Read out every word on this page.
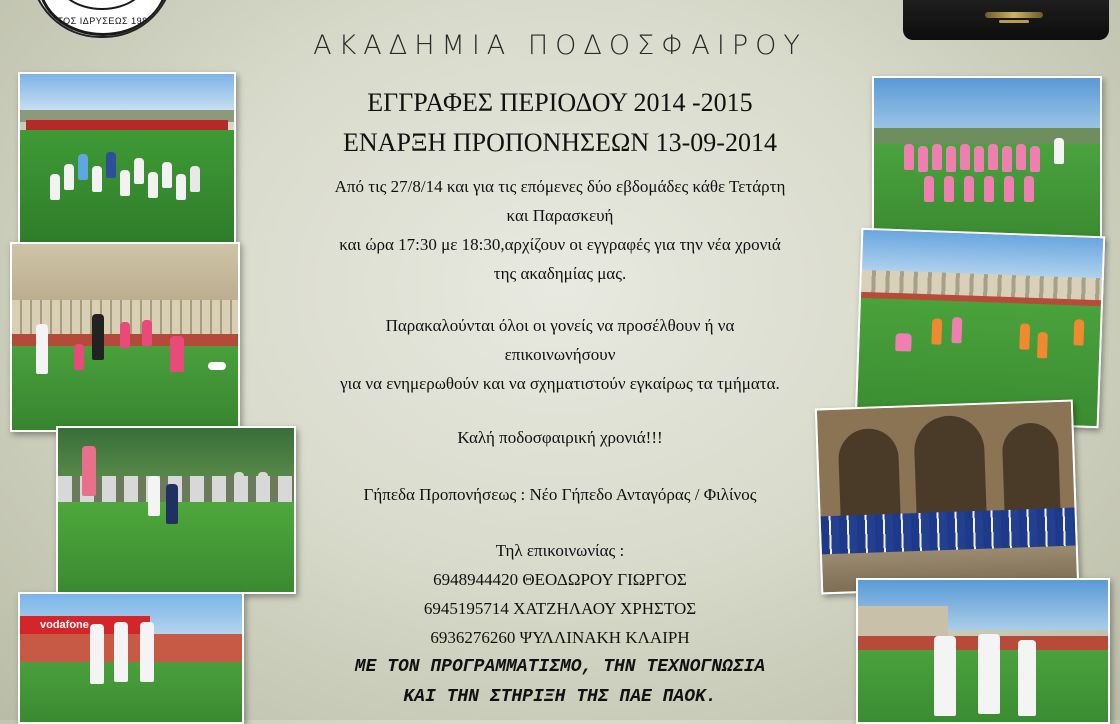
ΕΤΟΣ ΙΔΡΥΣΕΩΣ 1987
ΑΚΑΔΗΜΙΑ ΠΟΔΟΣΦΑΙΡΟΥ
ΕΓΓΡΑΦΕΣ ΠΕΡΙΟΔΟΥ 2014 -2015
ΕΝΑΡΞΗ ΠΡΟΠΟΝΗΣΕΩΝ 13-09-2014
Από τις 27/8/14 και για τις επόμενες δύο εβδομάδες κάθε Τετάρτη
και Παρασκευή
και ώρα 17:30 με 18:30,αρχίζουν οι εγγραφές για την νέα χρονιά
της ακαδημίας μας.
Παρακαλούνται όλοι οι γονείς να προσέλθουν ή να
επικοινωνήσουν
για να ενημερωθούν και να σχηματιστούν εγκαίρως τα τμήματα.
Καλή ποδοσφαιρική χρονιά!!!
Γήπεδα Προπονήσεως : Νέο Γήπεδο Ανταγόρας / Φιλίνος
Τηλ επικοινωνίας :
6948944420 ΘΕΟΔΩΡΟΥ ΓΙΩΡΓΟΣ
6945195714 ΧΑΤΖΗΛΑΟΥ ΧΡΗΣΤΟΣ
6936276260 ΨΥΛΛΙΝΑΚΗ ΚΛΑΙΡΗ
ΜΕ ΤΟΝ ΠΡΟΓΡΑΜΜΑΤΙΣΜΟ, ΤΗΝ ΤΕΧΝΟΓΝΩΣΙΑ
ΚΑΙ ΤΗΝ ΣΤΗΡΙΞΗ ΤΗΣ ΠΑΕ ΠΑΟΚ.
vodafone
